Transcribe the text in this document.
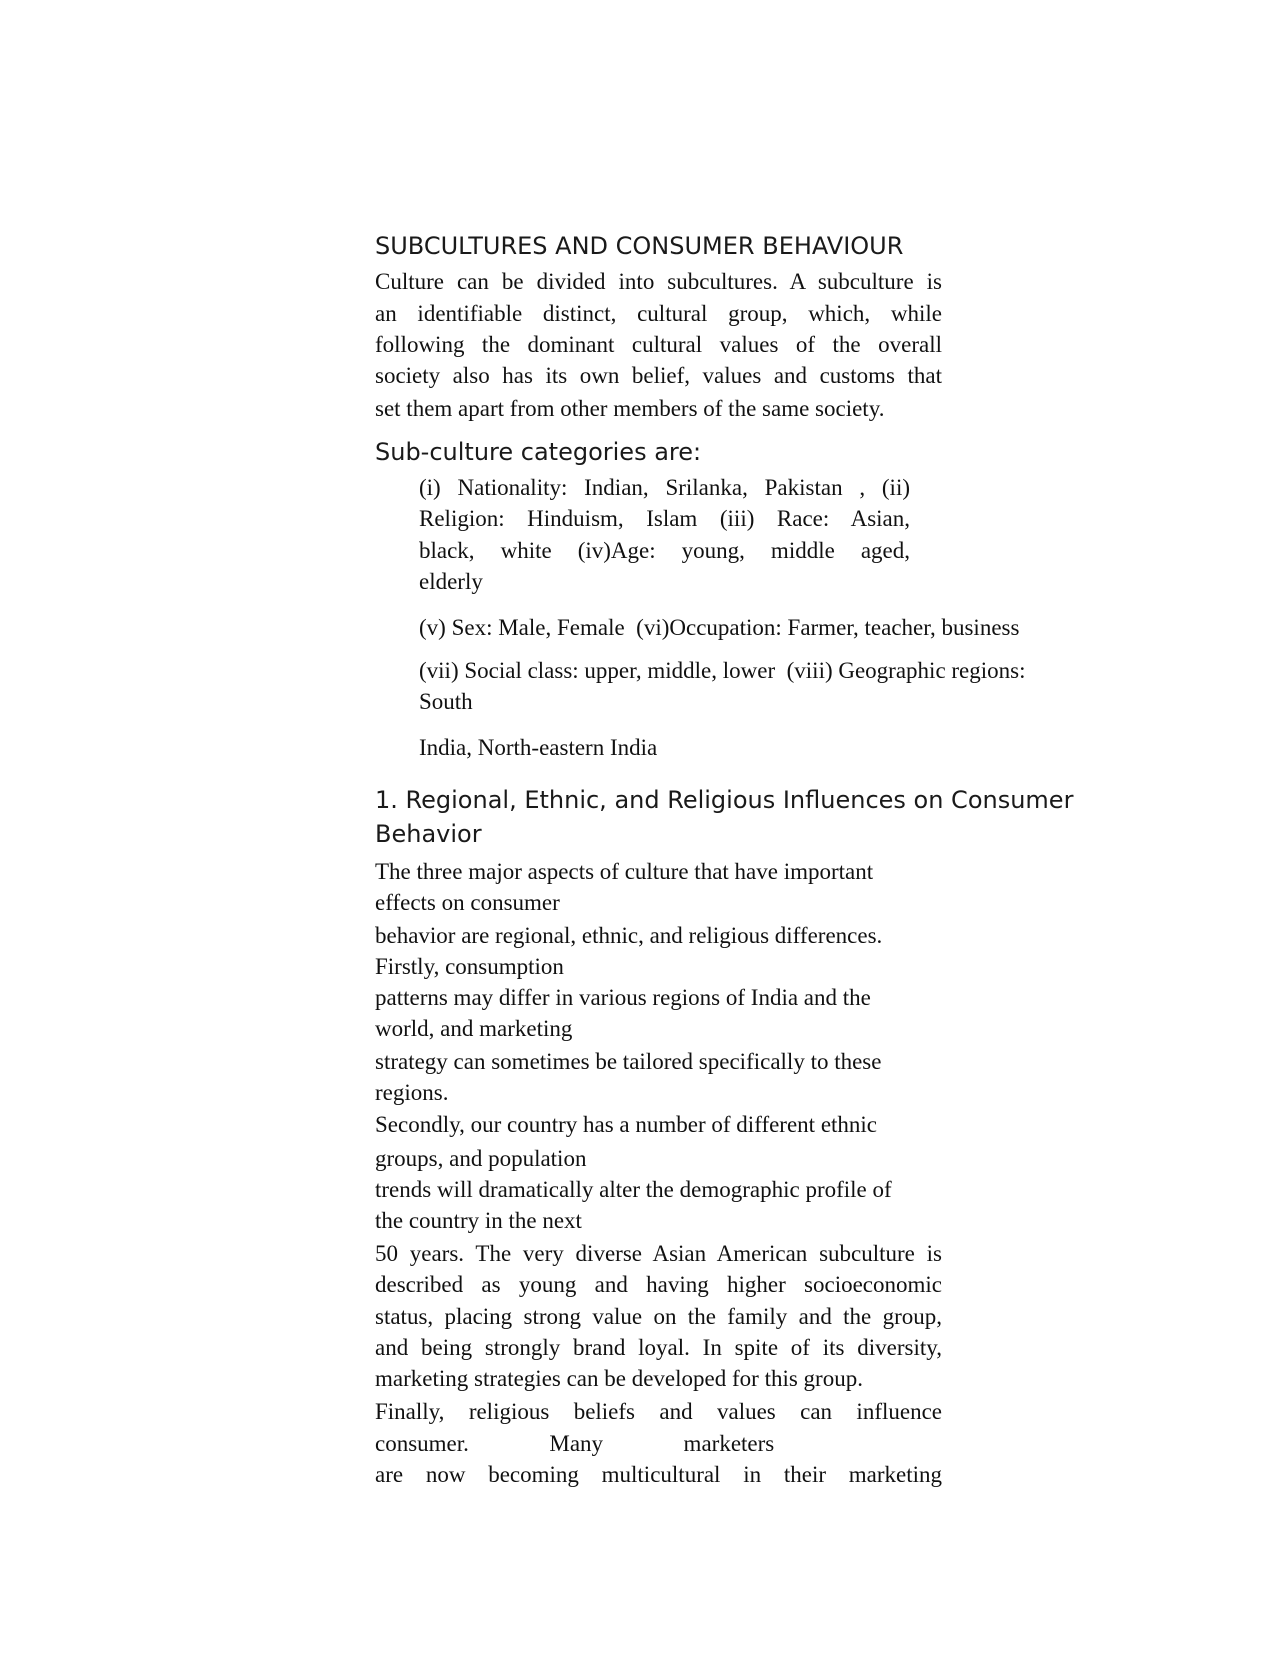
SUBCULTURES AND CONSUMER BEHAVIOUR
Culture can be divided into subcultures. A subculture is
an identifiable distinct, cultural group, which, while
following the dominant cultural values of the overall
society also has its own belief, values and customs that
set them apart from other members of the same society.
Sub-culture categories are:
(i) Nationality: Indian, Srilanka, Pakistan , (ii)
Religion: Hinduism, Islam (iii) Race: Asian,
black, white (iv)Age: young, middle aged,
elderly
(v) Sex: Male, Female  (vi)Occupation: Farmer, teacher, business
(vii) Social class: upper, middle, lower  (viii) Geographic regions:
South
India, North-eastern India
1. Regional, Ethnic, and Religious Influences on Consumer
Behavior
The three major aspects of culture that have important
effects on consumer
behavior are regional, ethnic, and religious differences.
Firstly, consumption
patterns may differ in various regions of India and the
world, and marketing
strategy can sometimes be tailored specifically to these
regions.
Secondly, our country has a number of different ethnic
groups, and population
trends will dramatically alter the demographic profile of
the country in the next
50 years. The very diverse Asian American subculture is
described as young and having higher socioeconomic
status, placing strong value on the family and the group,
and being strongly brand loyal. In spite of its diversity,
marketing strategies can be developed for this group.
Finally, religious beliefs and values can influence
consumer.              Many              marketers
are now becoming multicultural in their marketing
